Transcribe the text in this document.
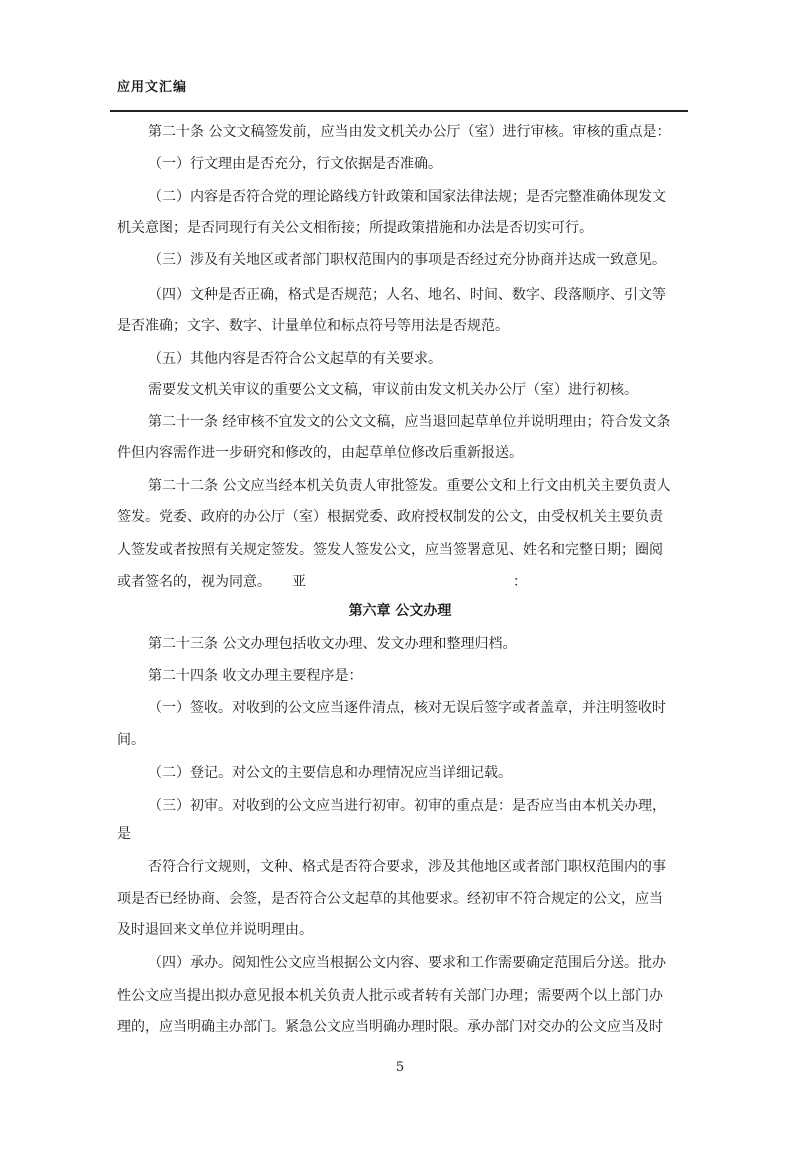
应用文汇编
第二十条 公文文稿签发前，应当由发文机关办公厅（室）进行审核。审核的重点是：
（一）行文理由是否充分，行文依据是否准确。
（二）内容是否符合党的理论路线方针政策和国家法律法规；是否完整准确体现发文
机关意图；是否同现行有关公文相衔接；所提政策措施和办法是否切实可行。
（三）涉及有关地区或者部门职权范围内的事项是否经过充分协商并达成一致意见。
（四）文种是否正确，格式是否规范；人名、地名、时间、数字、段落顺序、引文等
是否准确；文字、数字、计量单位和标点符号等用法是否规范。
（五）其他内容是否符合公文起草的有关要求。
需要发文机关审议的重要公文文稿，审议前由发文机关办公厅（室）进行初核。
第二十一条 经审核不宜发文的公文文稿，应当退回起草单位并说明理由；符合发文条
件但内容需作进一步研究和修改的，由起草单位修改后重新报送。
第二十二条 公文应当经本机关负责人审批签发。重要公文和上行文由机关主要负责人
签发。党委、政府的办公厅（室）根据党委、政府授权制发的公文，由受权机关主要负责
人签发或者按照有关规定签发。签发人签发公文，应当签署意见、姓名和完整日期；圈阅
或者签名的，视为同意。 亚	：
第六章 公文办理
第二十三条 公文办理包括收文办理、发文办理和整理归档。
第二十四条 收文办理主要程序是：
（一）签收。对收到的公文应当逐件清点，核对无误后签字或者盖章，并注明签收时
间。
（二）登记。对公文的主要信息和办理情况应当详细记载。
（三）初审。对收到的公文应当进行初审。初审的重点是：是否应当由本机关办理，
是
否符合行文规则，文种、格式是否符合要求，涉及其他地区或者部门职权范围内的事
项是否已经协商、会签，是否符合公文起草的其他要求。经初审不符合规定的公文，应当
及时退回来文单位并说明理由。
（四）承办。阅知性公文应当根据公文内容、要求和工作需要确定范围后分送。批办
性公文应当提出拟办意见报本机关负责人批示或者转有关部门办理；需要两个以上部门办
理的，应当明确主办部门。紧急公文应当明确办理时限。承办部门对交办的公文应当及时
5
